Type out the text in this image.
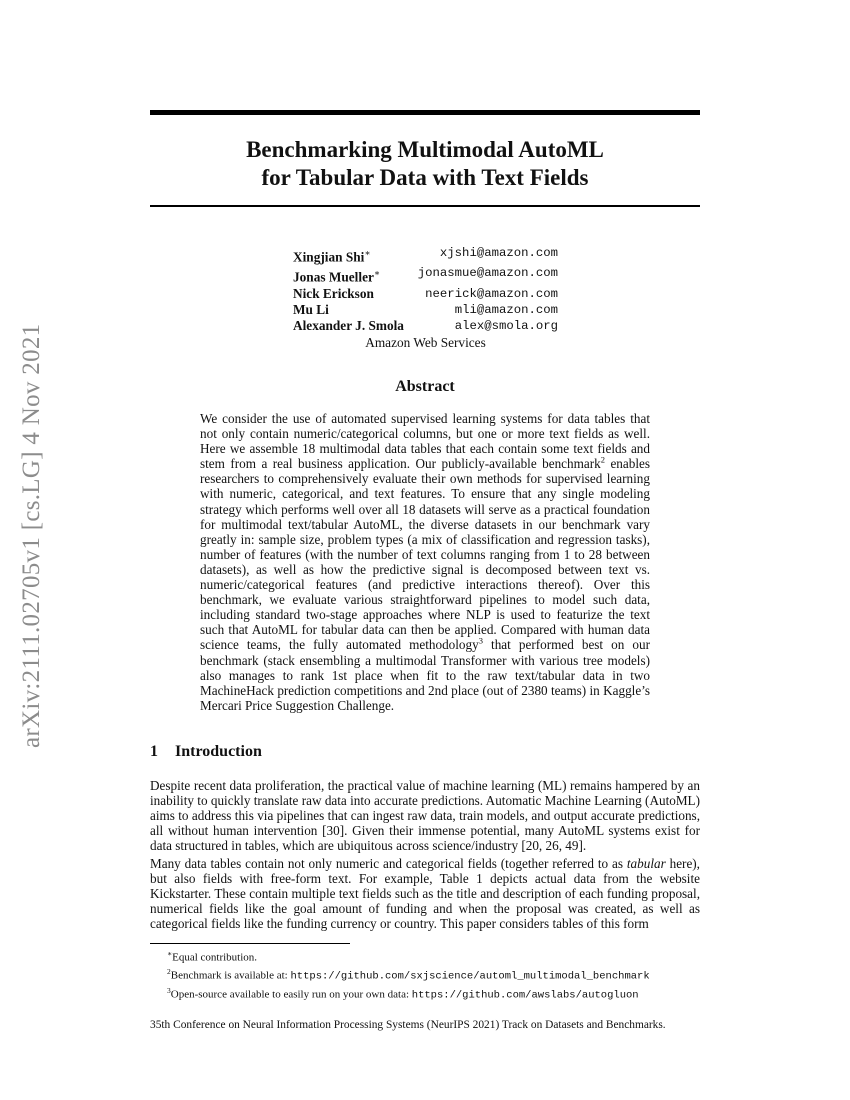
arXiv:2111.02705v1 [cs.LG] 4 Nov 2021
Benchmarking Multimodal AutoML
for Tabular Data with Text Fields
Xingjian Shi∗	xjshi@amazon.com
Jonas Mueller∗	jonasmue@amazon.com
Nick Erickson	neerick@amazon.com
Mu Li	mli@amazon.com
Alexander J. Smola	alex@smola.org
Amazon Web Services
Abstract
We consider the use of automated supervised learning systems for data tables that not only contain numeric/categorical columns, but one or more text fields as well. Here we assemble 18 multimodal data tables that each contain some text fields and stem from a real business application. Our publicly-available benchmark$^2$ enables researchers to comprehensively evaluate their own methods for supervised learning with numeric, categorical, and text features. To ensure that any single modeling strategy which performs well over all 18 datasets will serve as a practical foundation for multimodal text/tabular AutoML, the diverse datasets in our benchmark vary greatly in: sample size, problem types (a mix of classification and regression tasks), number of features (with the number of text columns ranging from 1 to 28 between datasets), as well as how the predictive signal is decomposed between text vs. numeric/categorical features (and predictive interactions thereof). Over this benchmark, we evaluate various straightforward pipelines to model such data, including standard two-stage approaches where NLP is used to featurize the text such that AutoML for tabular data can then be applied. Compared with human data science teams, the fully automated methodology$^3$ that performed best on our benchmark (stack ensembling a multimodal Transformer with various tree models) also manages to rank 1st place when fit to the raw text/tabular data in two MachineHack prediction competitions and 2nd place (out of 2380 teams) in Kaggle’s Mercari Price Suggestion Challenge.
1 Introduction
Despite recent data proliferation, the practical value of machine learning (ML) remains hampered by an inability to quickly translate raw data into accurate predictions. Automatic Machine Learning (AutoML) aims to address this via pipelines that can ingest raw data, train models, and output accurate predictions, all without human intervention [30]. Given their immense potential, many AutoML systems exist for data structured in tables, which are ubiquitous across science/industry [20, 26, 49].
Many data tables contain not only numeric and categorical fields (together referred to as tabular here), but also fields with free-form text. For example, Table 1 depicts actual data from the website Kickstarter. These contain multiple text fields such as the title and description of each funding proposal, numerical fields like the goal amount of funding and when the proposal was created, as well as categorical fields like the funding currency or country. This paper considers tables of this form
∗Equal contribution.
$^2$Benchmark is available at: https://github.com/sxjscience/automl_multimodal_benchmark
$^3$Open-source available to easily run on your own data: https://github.com/awslabs/autogluon
35th Conference on Neural Information Processing Systems (NeurIPS 2021) Track on Datasets and Benchmarks.
